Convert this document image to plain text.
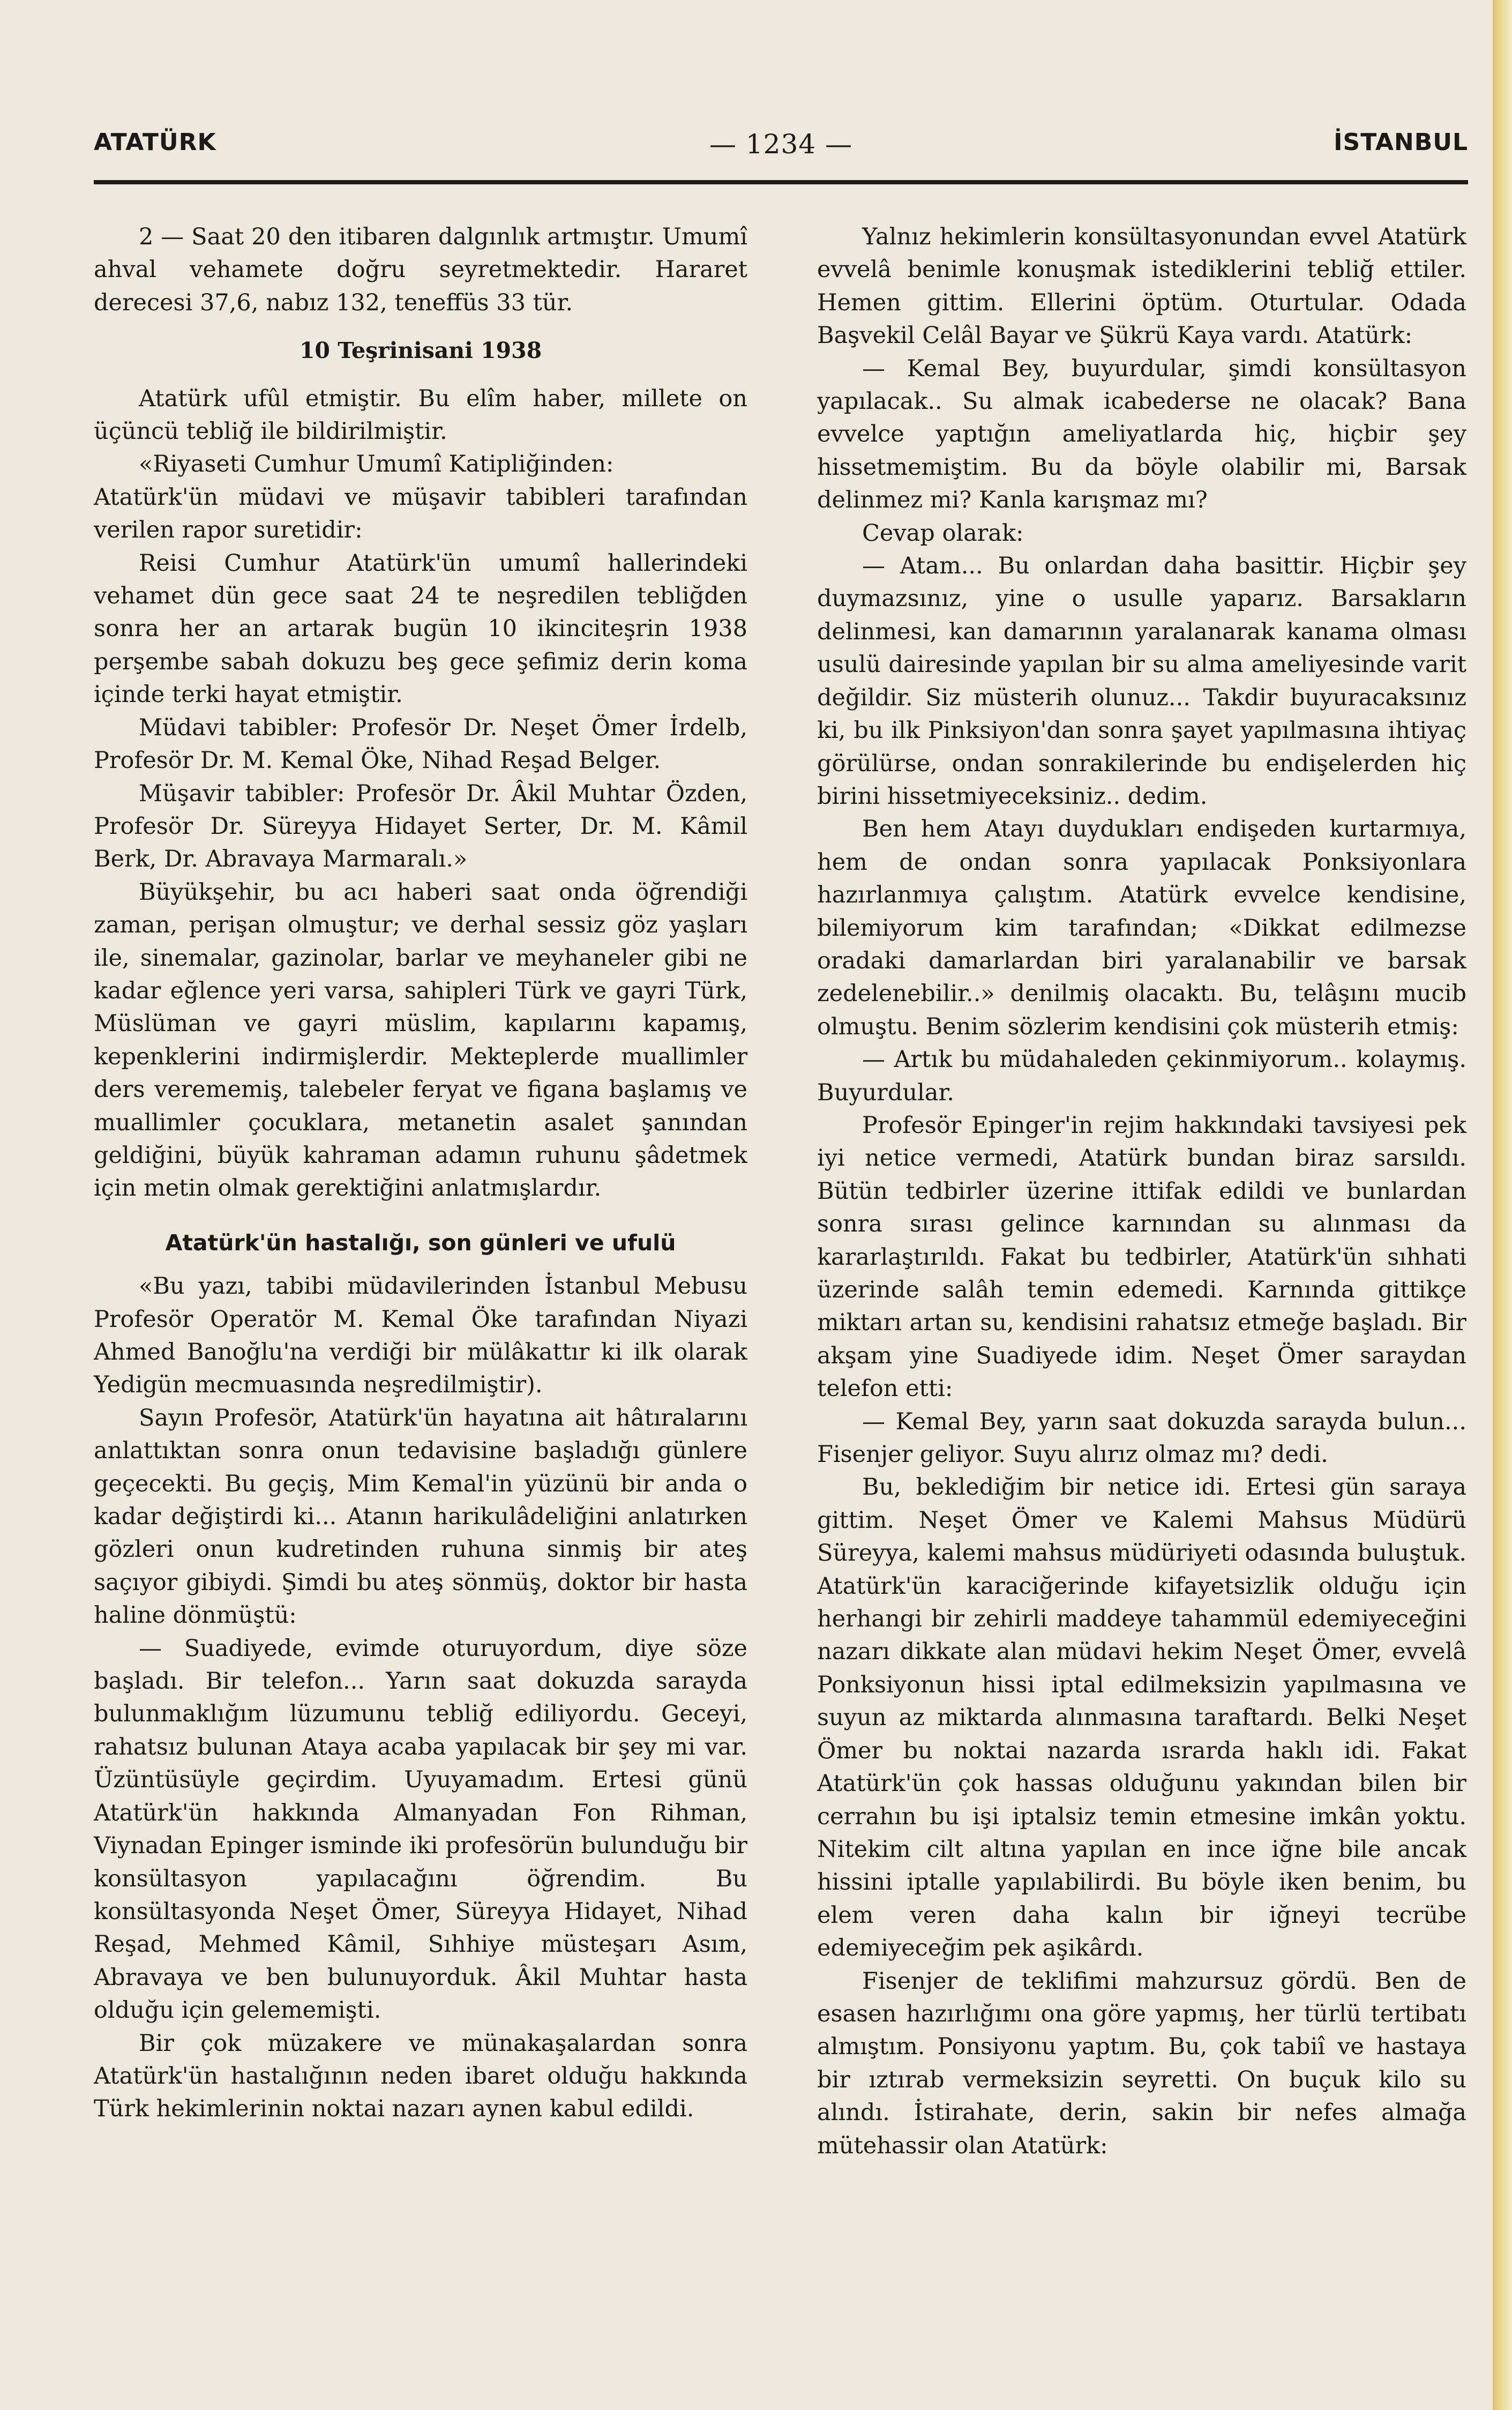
ATATÜRK	— 1234 —	İSTANBUL

2 — Saat 20 den itibaren dalgınlık artmıştır. Umumî ahval vehamete doğru seyretmektedir. Hararet derecesi 37,6, nabız 132, teneffüs 33 tür.

10 Teşrinisani 1938

Atatürk ufûl etmiştir. Bu elîm haber, millete on üçüncü tebliğ ile bildirilmiştir.

«Riyaseti Cumhur Umumî Katipliğinden:

Atatürk'ün müdavi ve müşavir tabibleri tarafından verilen rapor suretidir:

Reisi Cumhur Atatürk'ün umumî hallerindeki vehamet dün gece saat 24 te neşredilen tebliğden sonra her an artarak bugün 10 ikinciteşrin 1938 perşembe sabah dokuzu beş gece şefimiz derin koma içinde terki hayat etmiştir.

Müdavi tabibler: Profesör Dr. Neşet Ömer İrdelb, Profesör Dr. M. Kemal Öke, Nihad Reşad Belger.

Müşavir tabibler: Profesör Dr. Âkil Muhtar Özden, Profesör Dr. Süreyya Hidayet Serter, Dr. M. Kâmil Berk, Dr. Abravaya Marmaralı.»

Büyükşehir, bu acı haberi saat onda öğrendiği zaman, perişan olmuştur; ve derhal sessiz göz yaşları ile, sinemalar, gazinolar, barlar ve meyhaneler gibi ne kadar eğlence yeri varsa, sahipleri Türk ve gayri Türk, Müslüman ve gayri müslim, kapılarını kapamış, kepenklerini indirmişlerdir. Mekteplerde muallimler ders verememiş, talebeler feryat ve figana başlamış ve muallimler çocuklara, metanetin asalet şanından geldiğini, büyük kahraman adamın ruhunu şâdetmek için metin olmak gerektiğini anlatmışlardır.

Atatürk'ün hastalığı, son günleri ve ufulü

«Bu yazı, tabibi müdavilerinden İstanbul Mebusu Profesör Operatör M. Kemal Öke tarafından Niyazi Ahmed Banoğlu'na verdiği bir mülâkattır ki ilk olarak Yedigün mecmuasında neşredilmiştir).

Sayın Profesör, Atatürk'ün hayatına ait hâtıralarını anlattıktan sonra onun tedavisine başladığı günlere geçecekti. Bu geçiş, Mim Kemal'in yüzünü bir anda o kadar değiştirdi ki... Atanın harikulâdeliğini anlatırken gözleri onun kudretinden ruhuna sinmiş bir ateş saçıyor gibiydi. Şimdi bu ateş sönmüş, doktor bir hasta haline dönmüştü:

— Suadiyede, evimde oturuyordum, diye söze başladı. Bir telefon... Yarın saat dokuzda sarayda bulunmaklığım lüzumunu tebliğ ediliyordu. Geceyi, rahatsız bulunan Ataya acaba yapılacak bir şey mi var. Üzüntüsüyle geçirdim. Uyuyamadım. Ertesi günü Atatürk'ün hakkında Almanyadan Fon Rihman, Viynadan Epinger isminde iki profesörün bulunduğu bir konsültasyon yapılacağını öğrendim. Bu konsültasyonda Neşet Ömer, Süreyya Hidayet, Nihad Reşad, Mehmed Kâmil, Sıhhiye müsteşarı Asım, Abravaya ve ben bulunuyorduk. Âkil Muhtar hasta olduğu için gelememişti.

Bir çok müzakere ve münakaşalardan sonra Atatürk'ün hastalığının neden ibaret olduğu hakkında Türk hekimlerinin noktai nazarı aynen kabul edildi.

Yalnız hekimlerin konsültasyonundan evvel Atatürk evvelâ benimle konuşmak istediklerini tebliğ ettiler. Hemen gittim. Ellerini öptüm. Oturtular. Odada Başvekil Celâl Bayar ve Şükrü Kaya vardı. Atatürk:

— Kemal Bey, buyurdular, şimdi konsültasyon yapılacak.. Su almak icabederse ne olacak? Bana evvelce yaptığın ameliyatlarda hiç, hiçbir şey hissetmemiştim. Bu da böyle olabilir mi, Barsak delinmez mi? Kanla karışmaz mı?

Cevap olarak:

— Atam... Bu onlardan daha basittir. Hiçbir şey duymazsınız, yine o usulle yaparız. Barsakların delinmesi, kan damarının yaralanarak kanama olması usulü dairesinde yapılan bir su alma ameliyesinde varit değildir. Siz müsterih olunuz... Takdir buyuracaksınız ki, bu ilk Pinksiyon'dan sonra şayet yapılmasına ihtiyaç görülürse, ondan sonrakilerinde bu endişelerden hiç birini hissetmiyeceksiniz.. dedim.

Ben hem Atayı duydukları endişeden kurtarmıya, hem de ondan sonra yapılacak Ponksiyonlara hazırlanmıya çalıştım. Atatürk evvelce kendisine, bilemiyorum kim tarafından; «Dikkat edilmezse oradaki damarlardan biri yaralanabilir ve barsak zedelenebilir..» denilmiş olacaktı. Bu, telâşını mucib olmuştu. Benim sözlerim kendisini çok müsterih etmiş:

— Artık bu müdahaleden çekinmiyorum.. kolaymış. Buyurdular.

Profesör Epinger'in rejim hakkındaki tavsiyesi pek iyi netice vermedi, Atatürk bundan biraz sarsıldı. Bütün tedbirler üzerine ittifak edildi ve bunlardan sonra sırası gelince karnından su alınması da kararlaştırıldı. Fakat bu tedbirler, Atatürk'ün sıhhati üzerinde salâh temin edemedi. Karnında gittikçe miktarı artan su, kendisini rahatsız etmeğe başladı. Bir akşam yine Suadiyede idim. Neşet Ömer saraydan telefon etti:

— Kemal Bey, yarın saat dokuzda sarayda bulun... Fisenjer geliyor. Suyu alırız olmaz mı? dedi.

Bu, beklediğim bir netice idi. Ertesi gün saraya gittim. Neşet Ömer ve Kalemi Mahsus Müdürü Süreyya, kalemi mahsus müdüriyeti odasında buluştuk. Atatürk'ün karaciğerinde kifayetsizlik olduğu için herhangi bir zehirli maddeye tahammül edemiyeceğini nazarı dikkate alan müdavi hekim Neşet Ömer, evvelâ Ponksiyonun hissi iptal edilmeksizin yapılmasına ve suyun az miktarda alınmasına taraftardı. Belki Neşet Ömer bu noktai nazarda ısrarda haklı idi. Fakat Atatürk'ün çok hassas olduğunu yakından bilen bir cerrahın bu işi iptalsiz temin etmesine imkân yoktu. Nitekim cilt altına yapılan en ince iğne bile ancak hissini iptalle yapılabilirdi. Bu böyle iken benim, bu elem veren daha kalın bir iğneyi tecrübe edemiyeceğim pek aşikârdı.

Fisenjer de teklifimi mahzursuz gördü. Ben de esasen hazırlığımı ona göre yapmış, her türlü tertibatı almıştım. Ponsiyonu yaptım. Bu, çok tabiî ve hastaya bir ıztırab vermeksizin seyretti. On buçuk kilo su alındı. İstirahate, derin, sakin bir nefes almağa mütehassir olan Atatürk:
